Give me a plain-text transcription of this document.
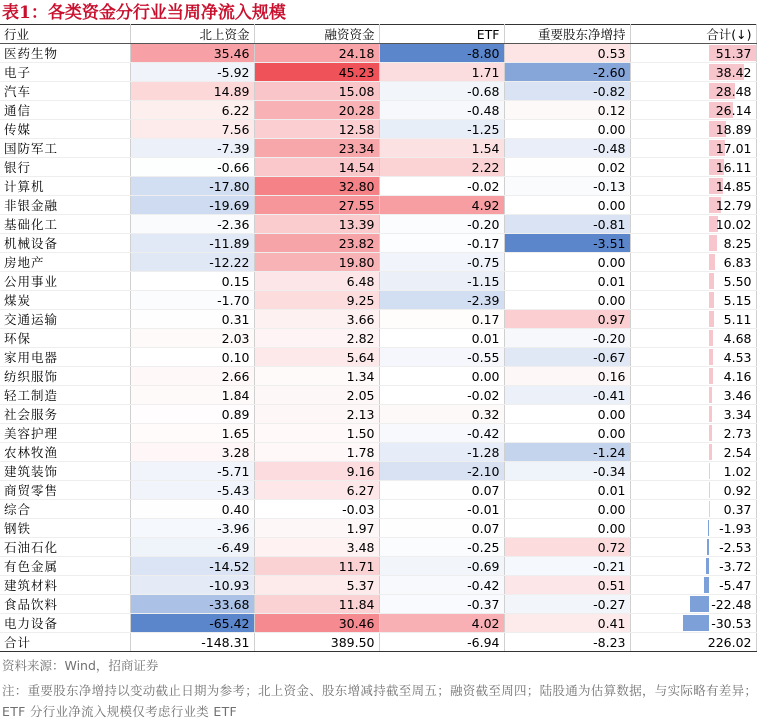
表1：各类资金分行业当周净流入规模
行业	北上资金	融资资金	ETF	重要股东净增持	合计(↓)
医药生物	35.46	24.18	-8.80	0.53	51.37

电子	-5.92	45.23	1.71	-2.60	38.42

汽车	14.89	15.08	-0.68	-0.82	28.48

通信	6.22	20.28	-0.48	0.12	26.14

传媒	7.56	12.58	-1.25	0.00	18.89

国防军工	-7.39	23.34	1.54	-0.48	17.01

银行	-0.66	14.54	2.22	0.02	16.11

计算机	-17.80	32.80	-0.02	-0.13	14.85

非银金融	-19.69	27.55	4.92	0.00	12.79

基础化工	-2.36	13.39	-0.20	-0.81	10.02

机械设备	-11.89	23.82	-0.17	-3.51	8.25

房地产	-12.22	19.80	-0.75	0.00	6.83

公用事业	0.15	6.48	-1.15	0.01	5.50

煤炭	-1.70	9.25	-2.39	0.00	5.15

交通运输	0.31	3.66	0.17	0.97	5.11

环保	2.03	2.82	0.01	-0.20	4.68

家用电器	0.10	5.64	-0.55	-0.67	4.53

纺织服饰	2.66	1.34	0.00	0.16	4.16

轻工制造	1.84	2.05	-0.02	-0.41	3.46

社会服务	0.89	2.13	0.32	0.00	3.34

美容护理	1.65	1.50	-0.42	0.00	2.73

农林牧渔	3.28	1.78	-1.28	-1.24	2.54

建筑装饰	-5.71	9.16	-2.10	-0.34	1.02

商贸零售	-5.43	6.27	0.07	0.01	0.92

综合	0.40	-0.03	-0.01	0.00	0.37

钢铁	-3.96	1.97	0.07	0.00	-1.93

石油石化	-6.49	3.48	-0.25	0.72	-2.53

有色金属	-14.52	11.71	-0.69	-0.21	-3.72

建筑材料	-10.93	5.37	-0.42	0.51	-5.47

食品饮料	-33.68	11.84	-0.37	-0.27	-22.48

电力设备	-65.42	30.46	4.02	0.41	-30.53

合计	-148.31	389.50	-6.94	-8.23	226.02
资料来源：Wind，招商证券
注：重要股东净增持以变动截止日期为参考；北上资金、股东增减持截至周五；融资截至周四；陆股通为估算数据，与实际略有差异；ETF 分行业净流入规模仅考虑行业类 ETF
